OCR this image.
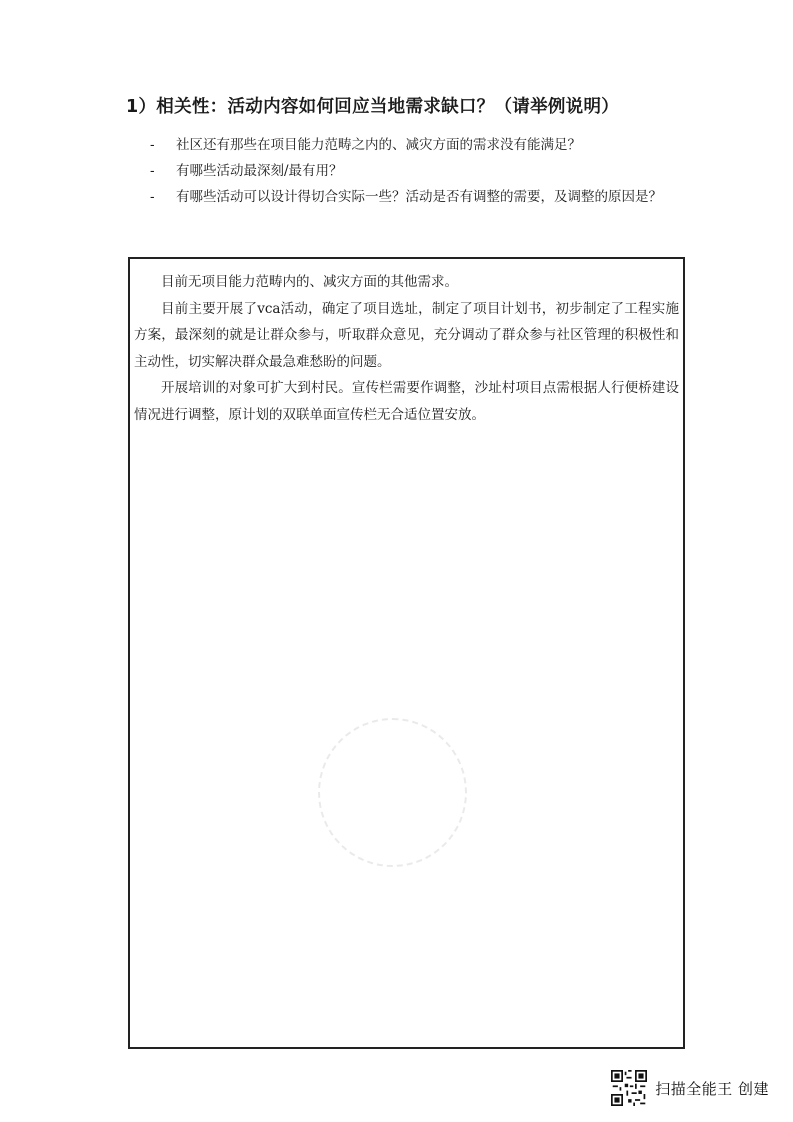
1）相关性：活动内容如何回应当地需求缺口？（请举例说明）
- 社区还有那些在项目能力范畴之内的、减灾方面的需求没有能满足？
- 有哪些活动最深刻/最有用？
- 有哪些活动可以设计得切合实际一些？活动是否有调整的需要，及调整的原因是？

目前无项目能力范畴内的、减灾方面的其他需求。

目前主要开展了vca活动，确定了项目选址，制定了项目计划书，初步制定了工程实施方案，最深刻的就是让群众参与，听取群众意见，充分调动了群众参与社区管理的积极性和主动性，切实解决群众最急难愁盼的问题。

开展培训的对象可扩大到村民。宣传栏需要作调整，沙址村项目点需根据人行便桥建设情况进行调整，原计划的双联单面宣传栏无合适位置安放。

扫描全能王 创建
